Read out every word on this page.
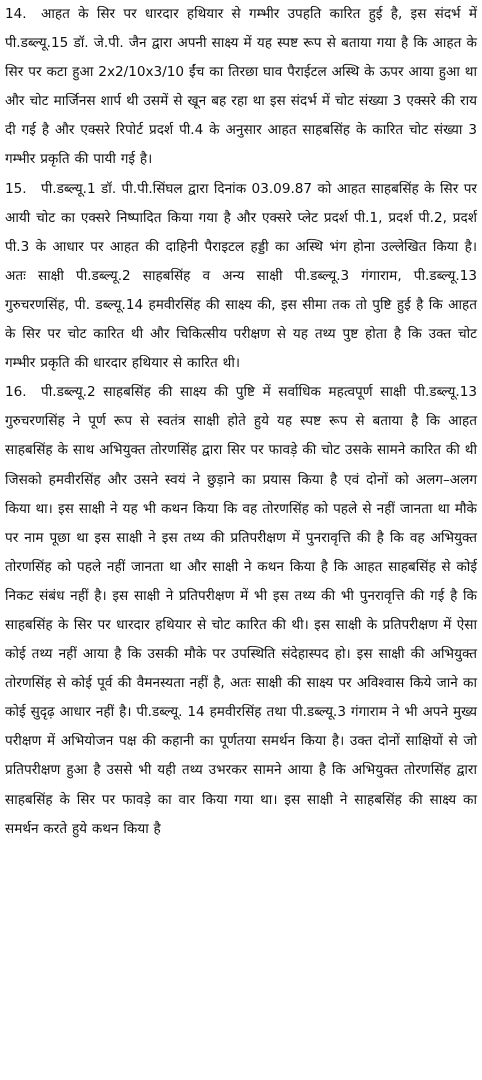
14. आहत के सिर पर धारदार हथियार से गम्भीर उपहति कारित हुई है, इस संदर्भ में पी.डब्ल्यू.15 डॉ. जे.पी. जैन द्वारा अपनी साक्ष्य में यह स्पष्ट रूप से बताया गया है कि आहत के सिर पर कटा हुआ 2x2/10x3/10 ईंच का तिरछा घाव पैराईटल अस्थि के ऊपर आया हुआ था और चोट मार्जिनस शार्प थी उसमें से खून बह रहा था इस संदर्भ में चोट संख्या 3 एक्सरे की राय दी गई है और एक्सरे रिपोर्ट प्रदर्श पी.4 के अनुसार आहत साहबसिंह के कारित चोट संख्या 3 गम्भीर प्रकृति की पायी गई है।

15. पी.डब्ल्यू.1 डॉ. पी.पी.सिंघल द्वारा दिनांक 03.09.87 को आहत साहबसिंह के सिर पर आयी चोट का एक्सरे निष्पादित किया गया है और एक्सरे प्लेट प्रदर्श पी.1, प्रदर्श पी.2, प्रदर्श पी.3 के आधार पर आहत की दाहिनी पैराइटल हड्डी का अस्थि भंग होना उल्लेखित किया है। अतः साक्षी पी.डब्ल्यू.2 साहबसिंह व अन्य साक्षी पी.डब्ल्यू.3 गंगाराम, पी.डब्ल्यू.13 गुरुचरणसिंह, पी. डब्ल्यू.14 हमवीरसिंह की साक्ष्य की, इस सीमा तक तो पुष्टि हुई है कि आहत के सिर पर चोट कारित थी और चिकित्सीय परीक्षण से यह तथ्य पुष्ट होता है कि उक्त चोट गम्भीर प्रकृति की धारदार हथियार से कारित थी।

16. पी.डब्ल्यू.2 साहबसिंह की साक्ष्य की पुष्टि में सर्वाधिक महत्वपूर्ण साक्षी पी.डब्ल्यू.13 गुरुचरणसिंह ने पूर्ण रूप से स्वतंत्र साक्षी होते हुये यह स्पष्ट रूप से बताया है कि आहत साहबसिंह के साथ अभियुक्त तोरणसिंह द्वारा सिर पर फावड़े की चोट उसके सामने कारित की थी जिसको हमवीरसिंह और उसने स्वयं ने छुड़ाने का प्रयास किया है एवं दोनों को अलग–अलग किया था। इस साक्षी ने यह भी कथन किया कि वह तोरणसिंह को पहले से नहीं जानता था मौके पर नाम पूछा था इस साक्षी ने इस तथ्य की प्रतिपरीक्षण में पुनरावृत्ति की है कि वह अभियुक्त तोरणसिंह को पहले नहीं जानता था और साक्षी ने कथन किया है कि आहत साहबसिंह से कोई निकट संबंध नहीं है। इस साक्षी ने प्रतिपरीक्षण में भी इस तथ्य की भी पुनरावृत्ति की गई है कि साहबसिंह के सिर पर धारदार हथियार से चोट कारित की थी। इस साक्षी के प्रतिपरीक्षण में ऐसा कोई तथ्य नहीं आया है कि उसकी मौके पर उपस्थिति संदेहास्पद हो। इस साक्षी की अभियुक्त तोरणसिंह से कोई पूर्व की वैमनस्यता नहीं है, अतः साक्षी की साक्ष्य पर अविश्वास किये जाने का कोई सुदृढ़ आधार नहीं है। पी.डब्ल्यू. 14 हमवीरसिंह तथा पी.डब्ल्यू.3 गंगाराम ने भी अपने मुख्य परीक्षण में अभियोजन पक्ष की कहानी का पूर्णतया समर्थन किया है। उक्त दोनों साक्षियों से जो प्रतिपरीक्षण हुआ है उससे भी यही तथ्य उभरकर सामने आया है कि अभियुक्त तोरणसिंह द्वारा साहबसिंह के सिर पर फावड़े का वार किया गया था। इस साक्षी ने साहबसिंह की साक्ष्य का समर्थन करते हुये कथन किया है
